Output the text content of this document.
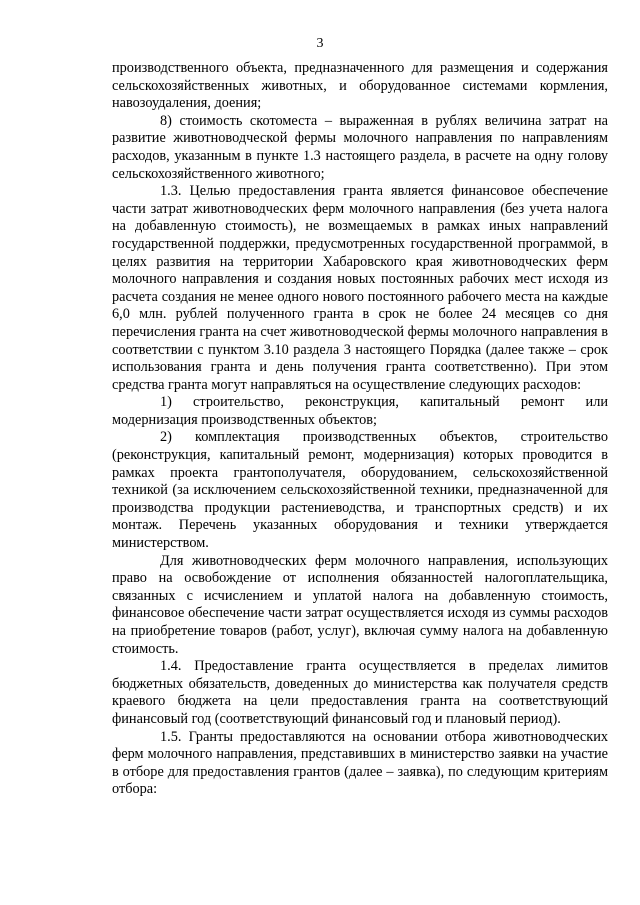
3

производственного объекта, предназначенного для размещения и содержания сельскохозяйственных животных, и оборудованное системами кормления, навозоудаления, доения;

8) стоимость скотоместа – выраженная в рублях величина затрат на развитие животноводческой фермы молочного направления по направлениям расходов, указанным в пункте 1.3 настоящего раздела, в расчете на одну голову сельскохозяйственного животного;

1.3. Целью предоставления гранта является финансовое обеспечение части затрат животноводческих ферм молочного направления (без учета налога на добавленную стоимость), не возмещаемых в рамках иных направлений государственной поддержки, предусмотренных государственной программой, в целях развития на территории Хабаровского края животноводческих ферм молочного направления и создания новых постоянных рабочих мест исходя из расчета создания не менее одного нового постоянного рабочего места на каждые 6,0 млн. рублей полученного гранта в срок не более 24 месяцев со дня перечисления гранта на счет животноводческой фермы молочного направления в соответствии с пунктом 3.10 раздела 3 настоящего Порядка (далее также – срок использования гранта и день получения гранта соответственно). При этом средства гранта могут направляться на осуществление следующих расходов:

1) строительство, реконструкция, капитальный ремонт или модернизация производственных объектов;

2) комплектация производственных объектов, строительство (реконструкция, капитальный ремонт, модернизация) которых проводится в рамках проекта грантополучателя, оборудованием, сельскохозяйственной техникой (за исключением сельскохозяйственной техники, предназначенной для производства продукции растениеводства, и транспортных средств) и их монтаж. Перечень указанных оборудования и техники утверждается министерством.

Для животноводческих ферм молочного направления, использующих право на освобождение от исполнения обязанностей налогоплательщика, связанных с исчислением и уплатой налога на добавленную стоимость, финансовое обеспечение части затрат осуществляется исходя из суммы расходов на приобретение товаров (работ, услуг), включая сумму налога на добавленную стоимость.

1.4. Предоставление гранта осуществляется в пределах лимитов бюджетных обязательств, доведенных до министерства как получателя средств краевого бюджета на цели предоставления гранта на соответствующий финансовый год (соответствующий финансовый год и плановый период).

1.5. Гранты предоставляются на основании отбора животноводческих ферм молочного направления, представивших в министерство заявки на участие в отборе для предоставления грантов (далее – заявка), по следующим критериям отбора:
